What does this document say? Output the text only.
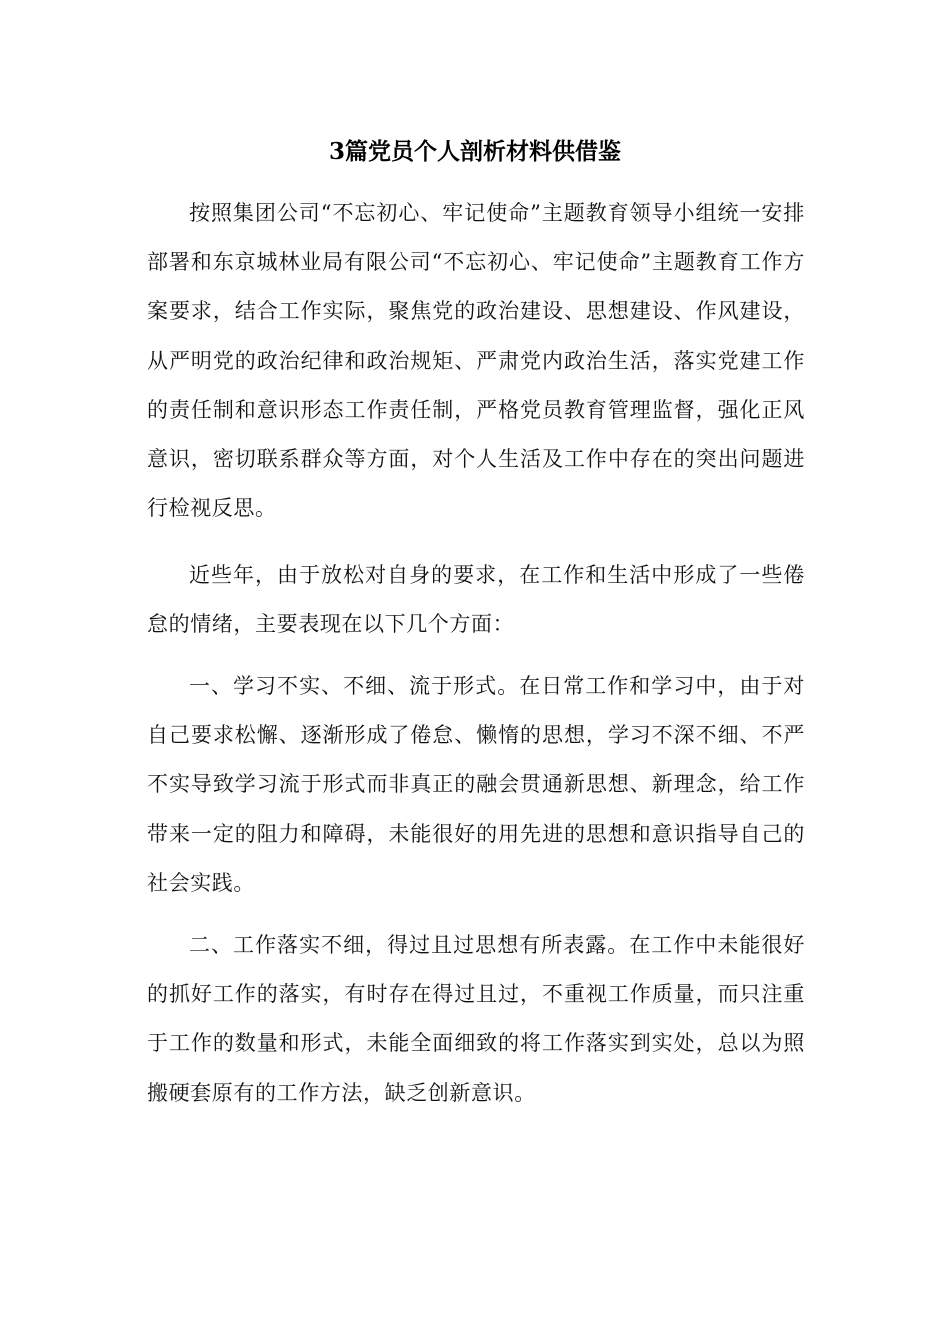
3篇党员个人剖析材料供借鉴

按照集团公司“不忘初心、牢记使命”主题教育领导小组统一安排部署和东京城林业局有限公司“不忘初心、牢记使命”主题教育工作方案要求，结合工作实际，聚焦党的政治建设、思想建设、作风建设，从严明党的政治纪律和政治规矩、严肃党内政治生活，落实党建工作的责任制和意识形态工作责任制，严格党员教育管理监督，强化正风意识，密切联系群众等方面，对个人生活及工作中存在的突出问题进行检视反思。

近些年，由于放松对自身的要求，在工作和生活中形成了一些倦怠的情绪，主要表现在以下几个方面：

一、学习不实、不细、流于形式。在日常工作和学习中，由于对自己要求松懈、逐渐形成了倦怠、懒惰的思想，学习不深不细、不严不实导致学习流于形式而非真正的融会贯通新思想、新理念，给工作带来一定的阻力和障碍，未能很好的用先进的思想和意识指导自己的社会实践。

二、工作落实不细，得过且过思想有所表露。在工作中未能很好的抓好工作的落实，有时存在得过且过，不重视工作质量，而只注重于工作的数量和形式，未能全面细致的将工作落实到实处，总以为照搬硬套原有的工作方法，缺乏创新意识。
